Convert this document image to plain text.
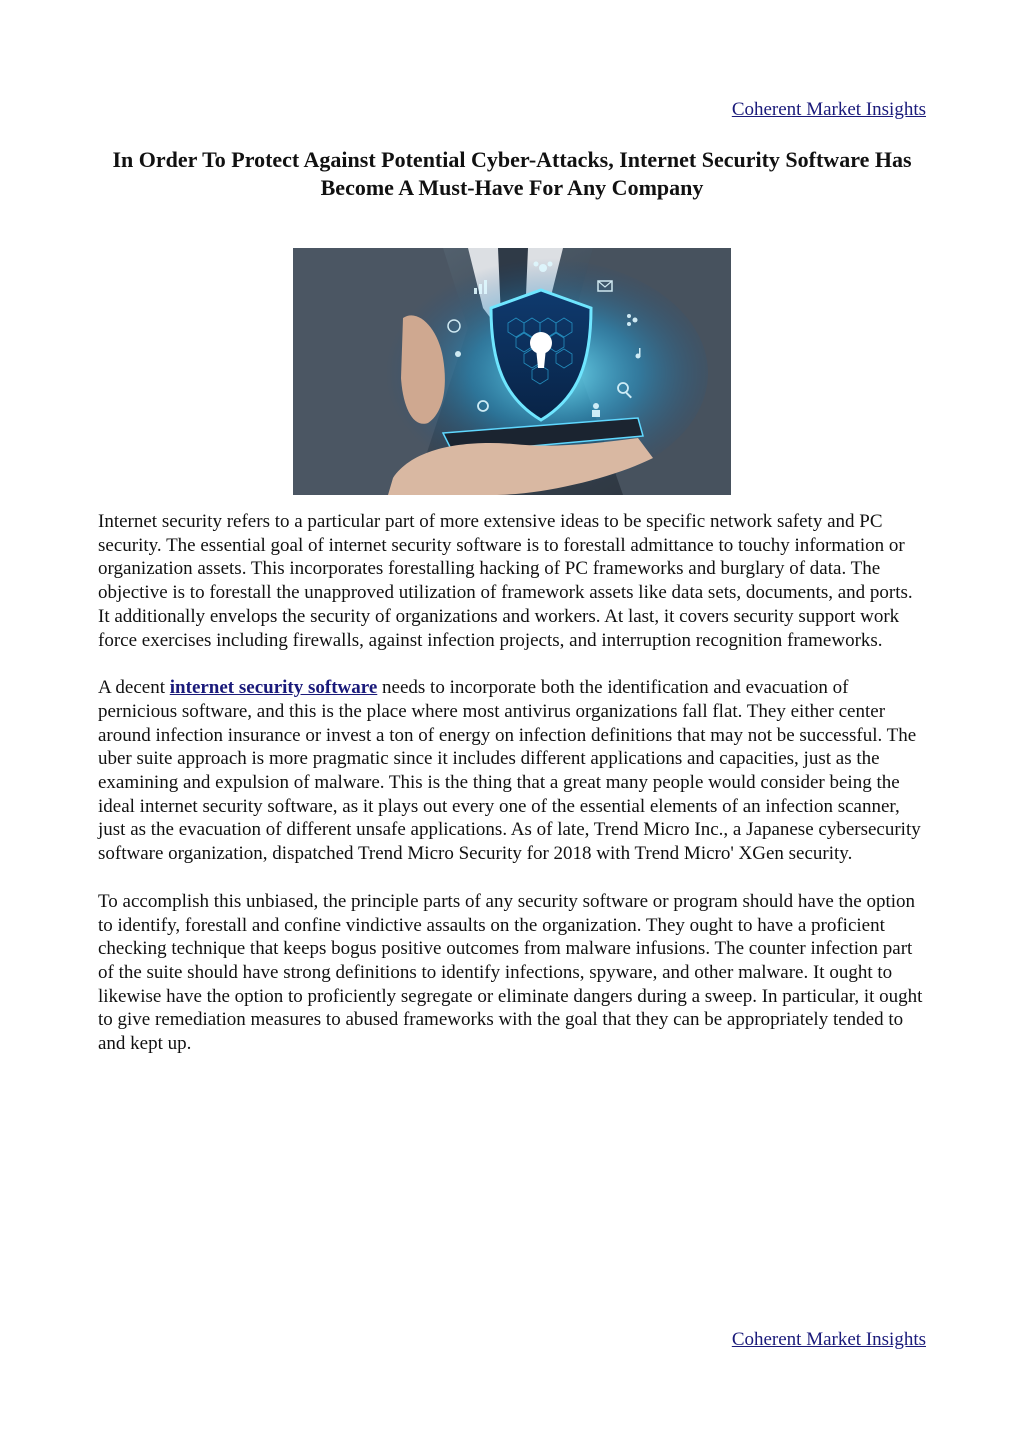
Coherent Market Insights
In Order To Protect Against Potential Cyber-Attacks, Internet Security Software Has Become A Must-Have For Any Company

Internet security refers to a particular part of more extensive ideas to be specific network safety and PC security. The essential goal of internet security software is to forestall admittance to touchy information or organization assets. This incorporates forestalling hacking of PC frameworks and burglary of data. The objective is to forestall the unapproved utilization of framework assets like data sets, documents, and ports. It additionally envelops the security of organizations and workers. At last, it covers security support work force exercises including firewalls, against infection projects, and interruption recognition frameworks.

A decent internet security software needs to incorporate both the identification and evacuation of pernicious software, and this is the place where most antivirus organizations fall flat. They either center around infection insurance or invest a ton of energy on infection definitions that may not be successful. The uber suite approach is more pragmatic since it includes different applications and capacities, just as the examining and expulsion of malware. This is the thing that a great many people would consider being the ideal internet security software, as it plays out every one of the essential elements of an infection scanner, just as the evacuation of different unsafe applications. As of late, Trend Micro Inc., a Japanese cybersecurity software organization, dispatched Trend Micro Security for 2018 with Trend Micro' XGen security.

To accomplish this unbiased, the principle parts of any security software or program should have the option to identify, forestall and confine vindictive assaults on the organization. They ought to have a proficient checking technique that keeps bogus positive outcomes from malware infusions. The counter infection part of the suite should have strong definitions to identify infections, spyware, and other malware. It ought to likewise have the option to proficiently segregate or eliminate dangers during a sweep. In particular, it ought to give remediation measures to abused frameworks with the goal that they can be appropriately tended to and kept up.

Coherent Market Insights
